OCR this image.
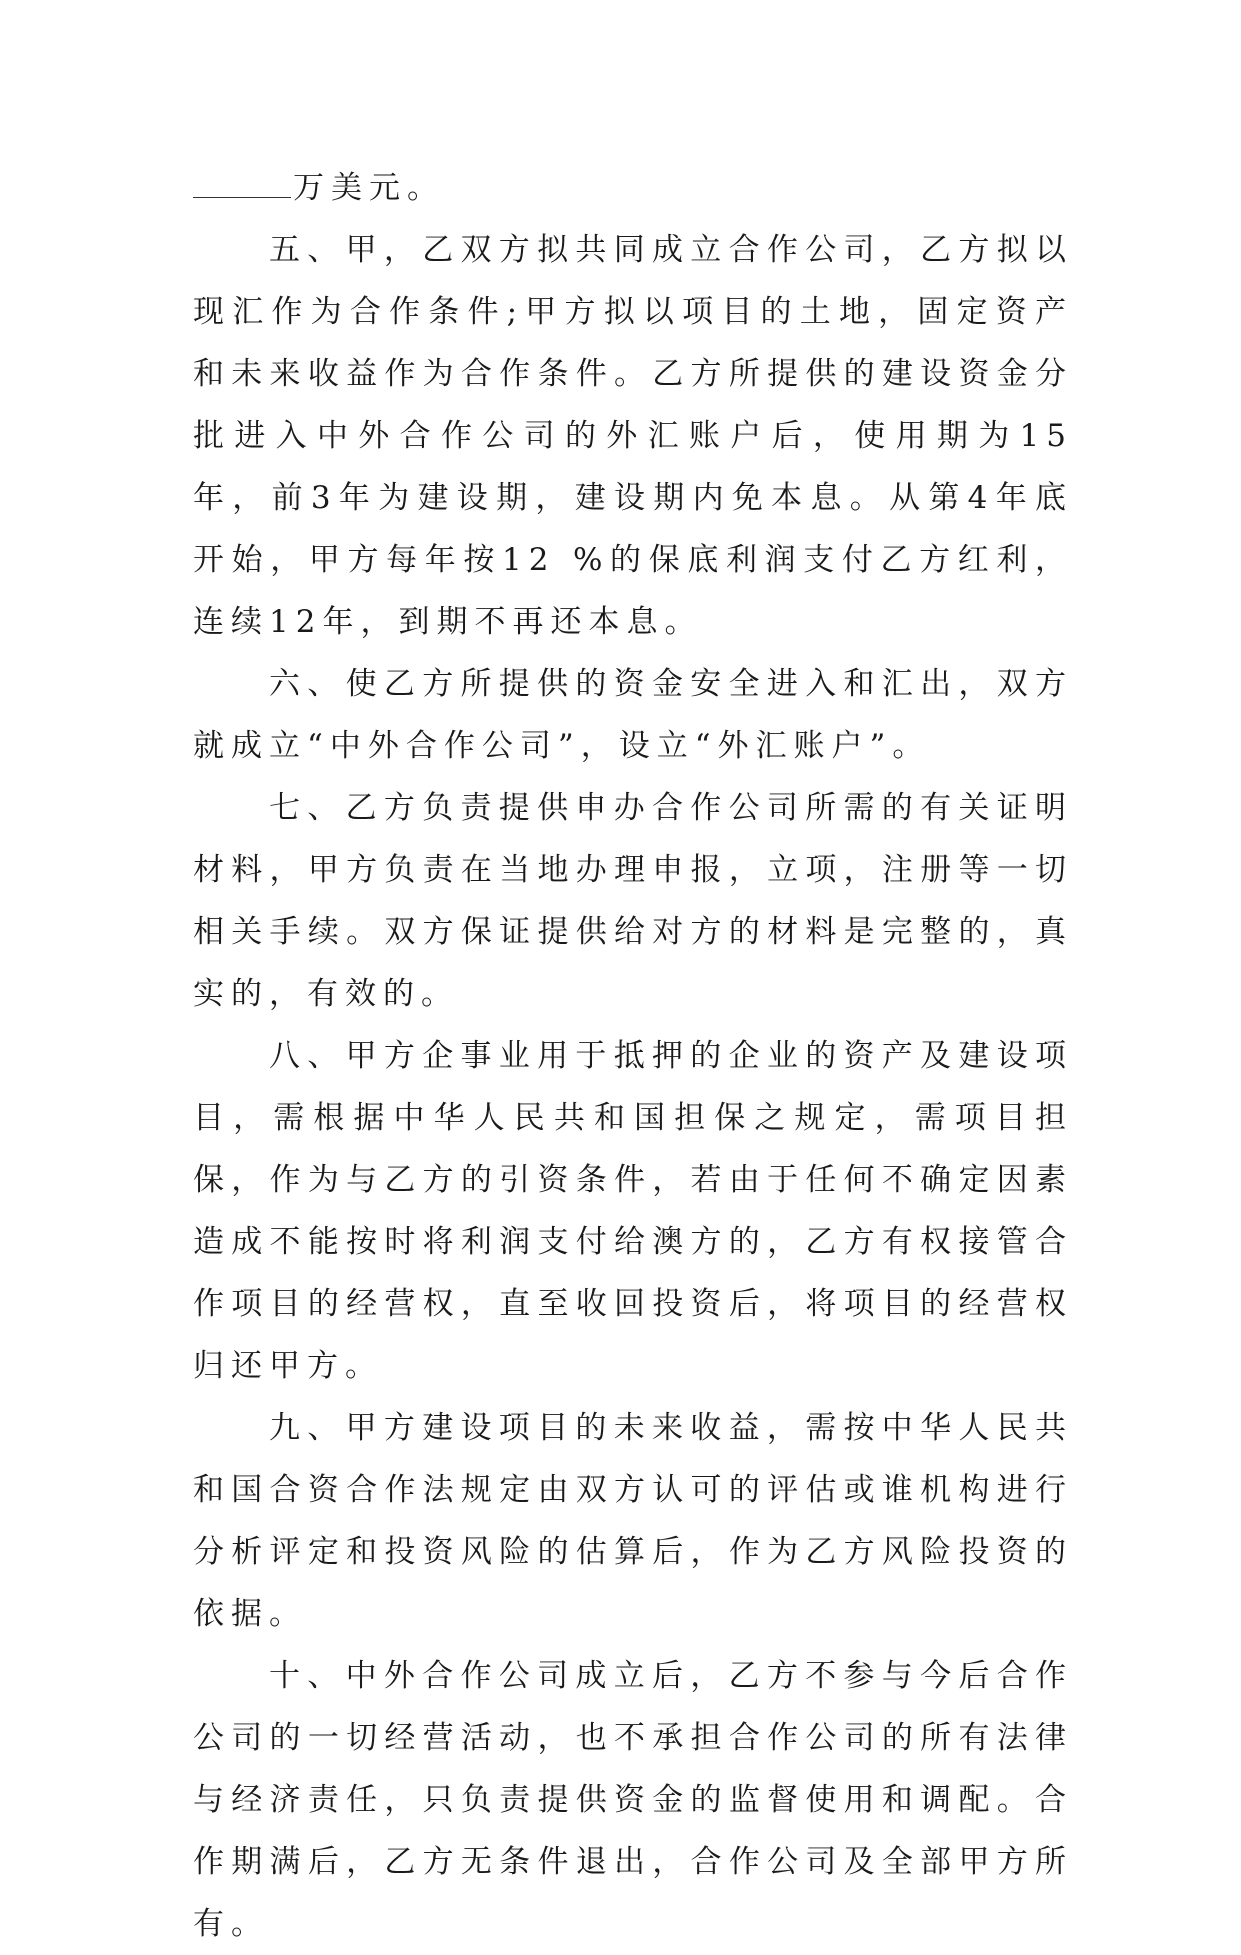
万美元。

五、甲，乙双方拟共同成立合作公司，乙方拟以现汇作为合作条件;甲方拟以项目的土地，固定资产和未来收益作为合作条件。乙方所提供的建设资金分批进入中外合作公司的外汇账户后，使用期为15年，前3年为建设期，建设期内免本息。从第4年底开始，甲方每年按12 %的保底利润支付乙方红利，连续12年，到期不再还本息。

六、使乙方所提供的资金安全进入和汇出，双方就成立“中外合作公司”，设立“外汇账户”。

七、乙方负责提供申办合作公司所需的有关证明材料，甲方负责在当地办理申报，立项，注册等一切相关手续。双方保证提供给对方的材料是完整的，真实的，有效的。

八、甲方企事业用于抵押的企业的资产及建设项目，需根据中华人民共和国担保之规定，需项目担保，作为与乙方的引资条件，若由于任何不确定因素造成不能按时将利润支付给澳方的，乙方有权接管合作项目的经营权，直至收回投资后，将项目的经营权归还甲方。

九、甲方建设项目的未来收益，需按中华人民共和国合资合作法规定由双方认可的评估或谁机构进行分析评定和投资风险的估算后，作为乙方风险投资的依据。

十、中外合作公司成立后，乙方不参与今后合作公司的一切经营活动，也不承担合作公司的所有法律与经济责任，只负责提供资金的监督使用和调配。合作期满后，乙方无条件退出，合作公司及全部甲方所有。
